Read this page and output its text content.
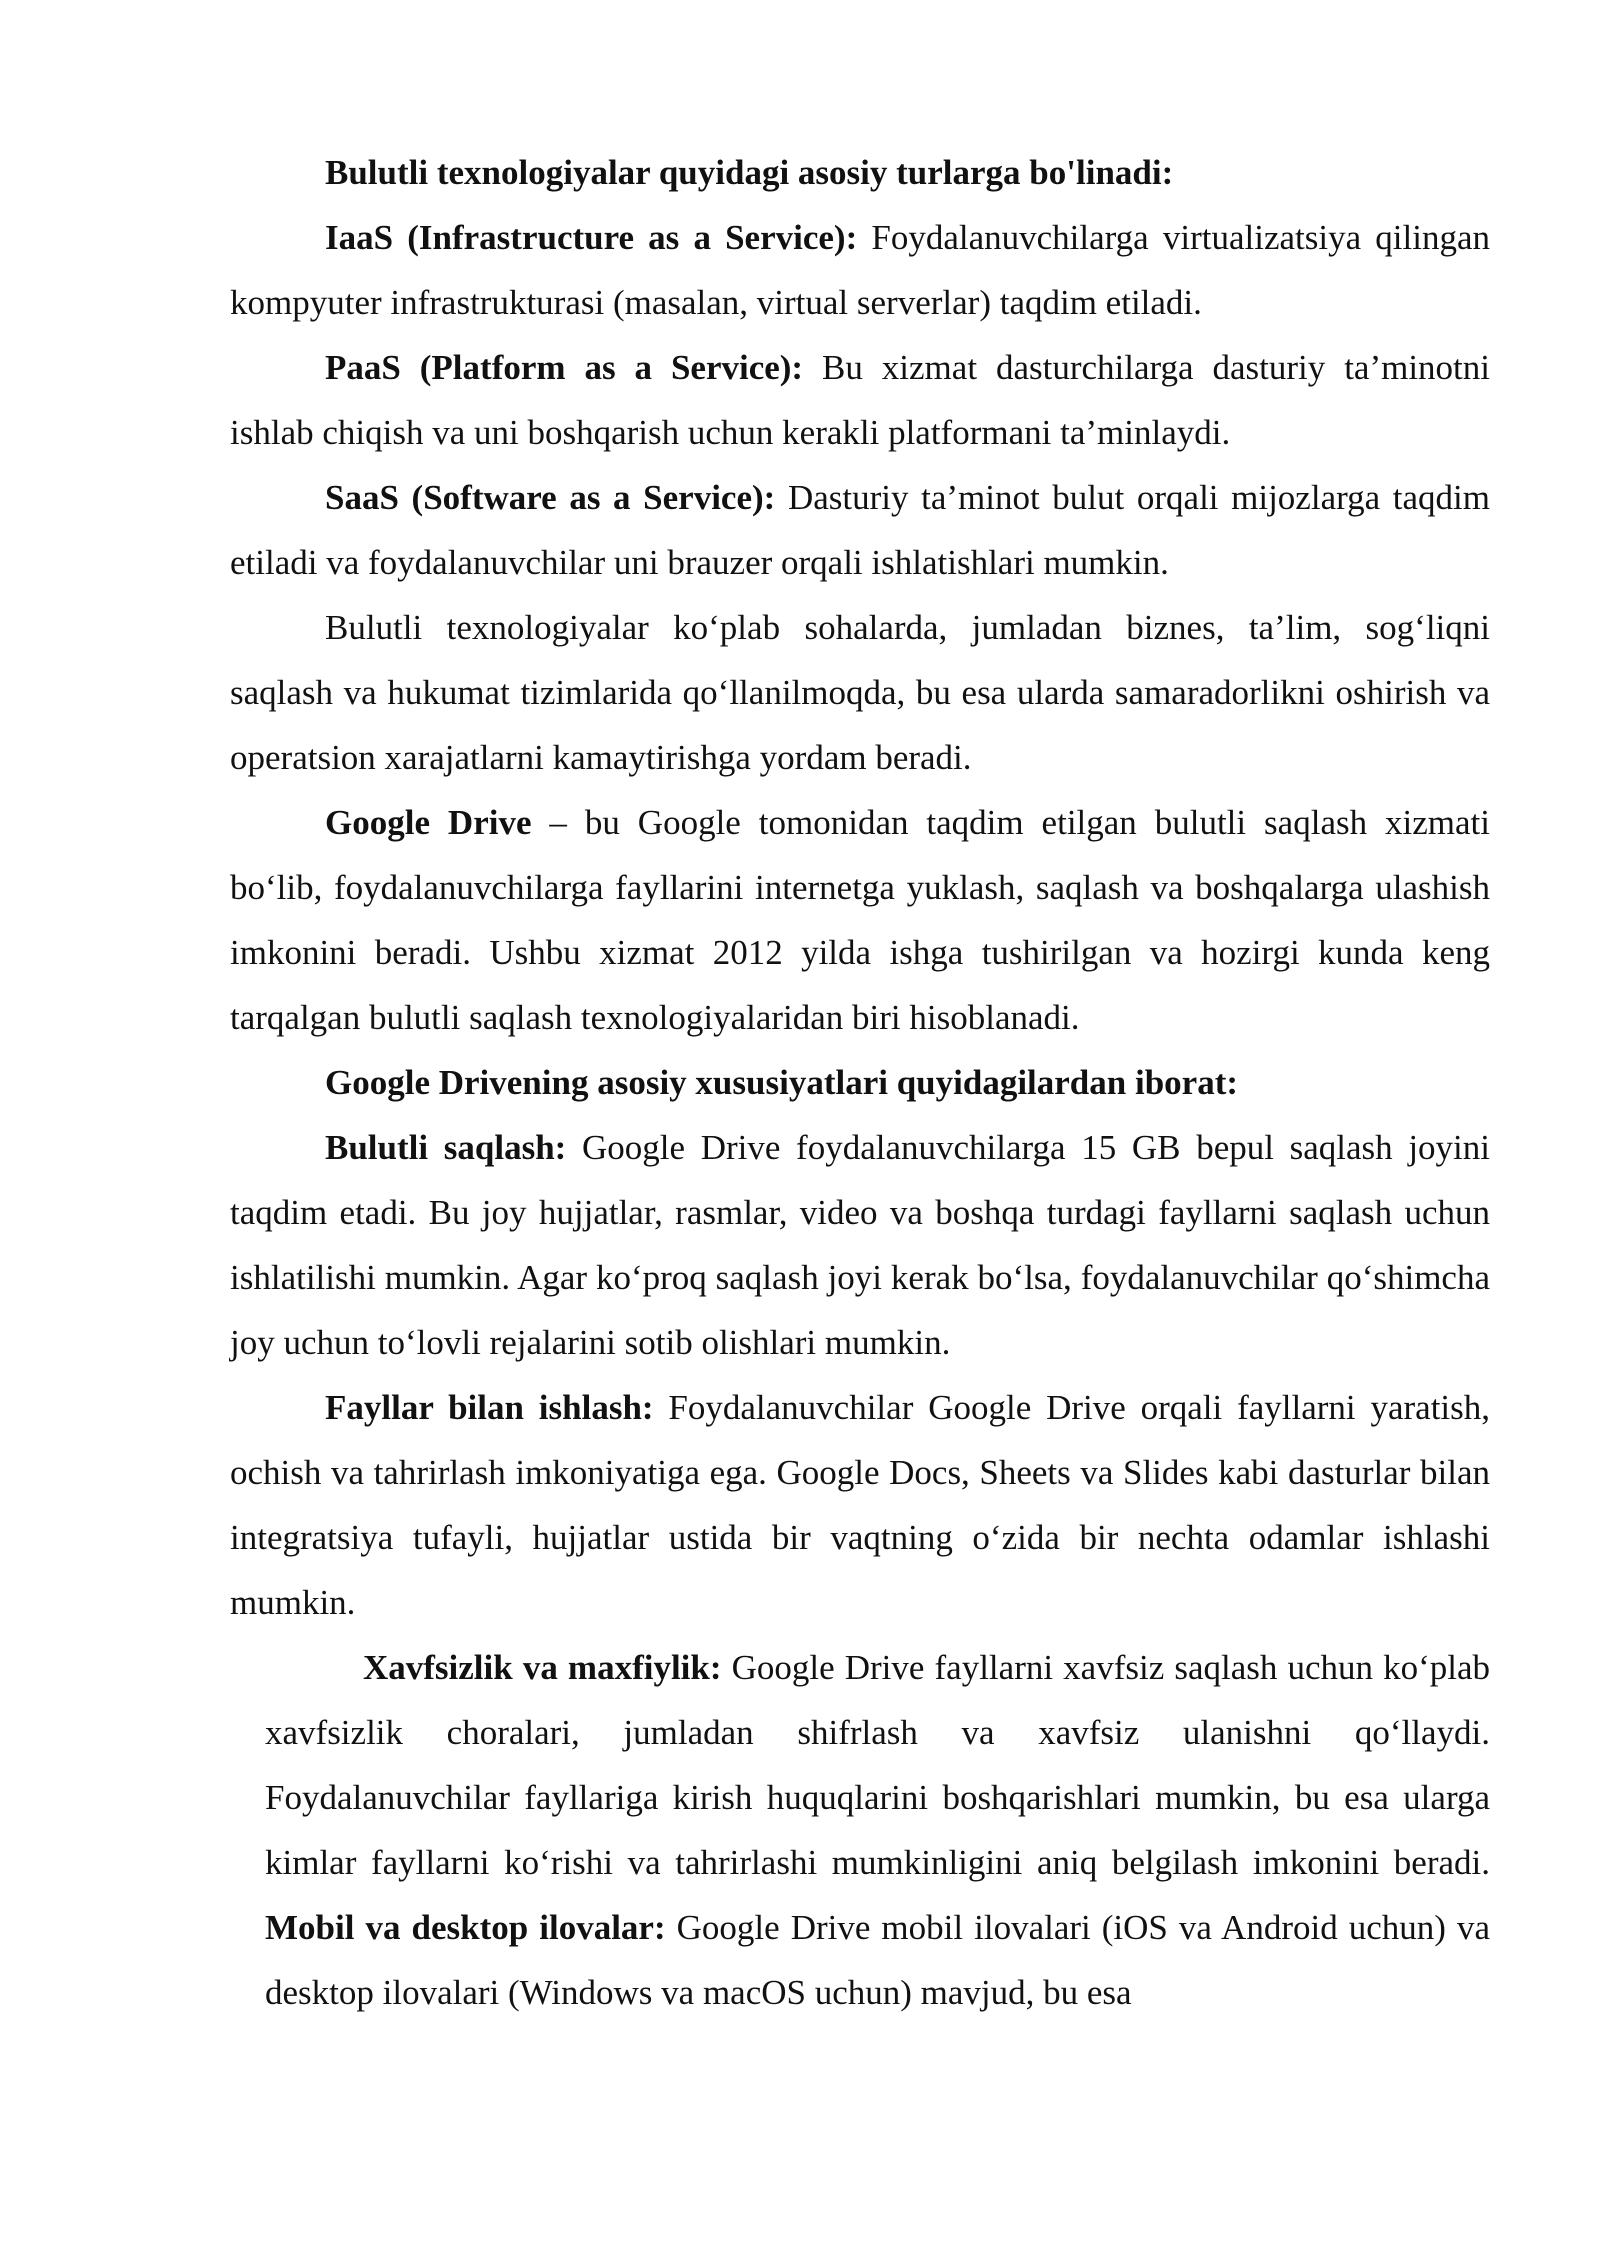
Bulutli texnologiyalar quyidagi asosiy turlarga bo'linadi:

IaaS (Infrastructure as a Service): Foydalanuvchilarga virtualizatsiya qilingan kompyuter infrastrukturasi (masalan, virtual serverlar) taqdim etiladi.

PaaS (Platform as a Service): Bu xizmat dasturchilarga dasturiy ta’minotni ishlab chiqish va uni boshqarish uchun kerakli platformani ta’minlaydi.

SaaS (Software as a Service): Dasturiy ta’minot bulut orqali mijozlarga taqdim etiladi va foydalanuvchilar uni brauzer orqali ishlatishlari mumkin.

Bulutli texnologiyalar ko‘plab sohalarda, jumladan biznes, ta’lim, sog‘liqni saqlash va hukumat tizimlarida qo‘llanilmoqda, bu esa ularda samaradorlikni oshirish va operatsion xarajatlarni kamaytirishga yordam beradi.

Google Drive – bu Google tomonidan taqdim etilgan bulutli saqlash xizmati bo‘lib, foydalanuvchilarga fayllarini internetga yuklash, saqlash va boshqalarga ulashish imkonini beradi. Ushbu xizmat 2012 yilda ishga tushirilgan va hozirgi kunda keng tarqalgan bulutli saqlash texnologiyalaridan biri hisoblanadi.

Google Drivening asosiy xususiyatlari quyidagilardan iborat:

Bulutli saqlash: Google Drive foydalanuvchilarga 15 GB bepul saqlash joyini taqdim etadi. Bu joy hujjatlar, rasmlar, video va boshqa turdagi fayllarni saqlash uchun ishlatilishi mumkin. Agar ko‘proq saqlash joyi kerak bo‘lsa, foydalanuvchilar qo‘shimcha joy uchun to‘lovli rejalarini sotib olishlari mumkin.

Fayllar bilan ishlash: Foydalanuvchilar Google Drive orqali fayllarni yaratish, ochish va tahrirlash imkoniyatiga ega. Google Docs, Sheets va Slides kabi dasturlar bilan integratsiya tufayli, hujjatlar ustida bir vaqtning o‘zida bir nechta odamlar ishlashi mumkin.

Xavfsizlik va maxfiylik: Google Drive fayllarni xavfsiz saqlash uchun ko‘plab xavfsizlik choralari, jumladan shifrlash va xavfsiz ulanishni qo‘llaydi. Foydalanuvchilar fayllariga kirish huquqlarini boshqarishlari mumkin, bu esa ularga kimlar fayllarni ko‘rishi va tahrirlashi mumkinligini aniq belgilash imkonini beradi. Mobil va desktop ilovalar: Google Drive mobil ilovalari (iOS va Android uchun) va desktop ilovalari (Windows va macOS uchun) mavjud, bu esa
